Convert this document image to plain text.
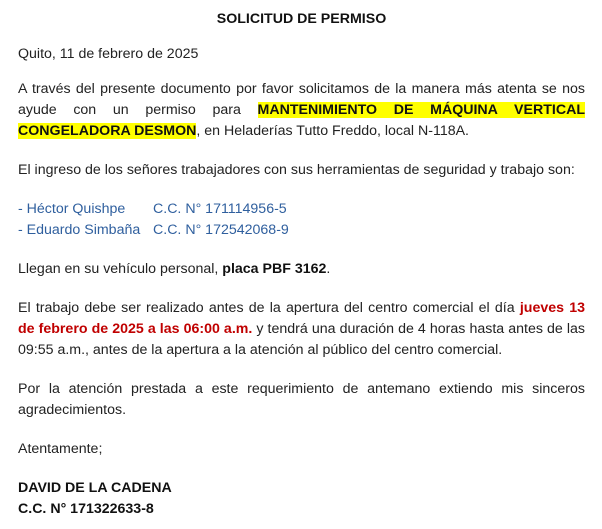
SOLICITUD DE PERMISO

Quito, 11 de febrero de 2025

A través del presente documento por favor solicitamos de la manera más atenta se nos ayude con un permiso para MANTENIMIENTO DE MÁQUINA VERTICAL CONGELADORA DESMON, en Heladerías Tutto Freddo, local N-118A.

El ingreso de los señores trabajadores con sus herramientas de seguridad y trabajo son:

- Héctor Quishpe C.C. N° 171114956-5
- Eduardo Simbaña C.C. N° 172542068-9

Llegan en su vehículo personal, placa PBF 3162.

El trabajo debe ser realizado antes de la apertura del centro comercial el día jueves 13 de febrero de 2025 a las 06:00 a.m. y tendrá una duración de 4 horas hasta antes de las 09:55 a.m., antes de la apertura a la atención al público del centro comercial.

Por la atención prestada a este requerimiento de antemano extiendo mis sinceros agradecimientos.

Atentamente;

DAVID DE LA CADENA
C.C. N° 171322633-8
